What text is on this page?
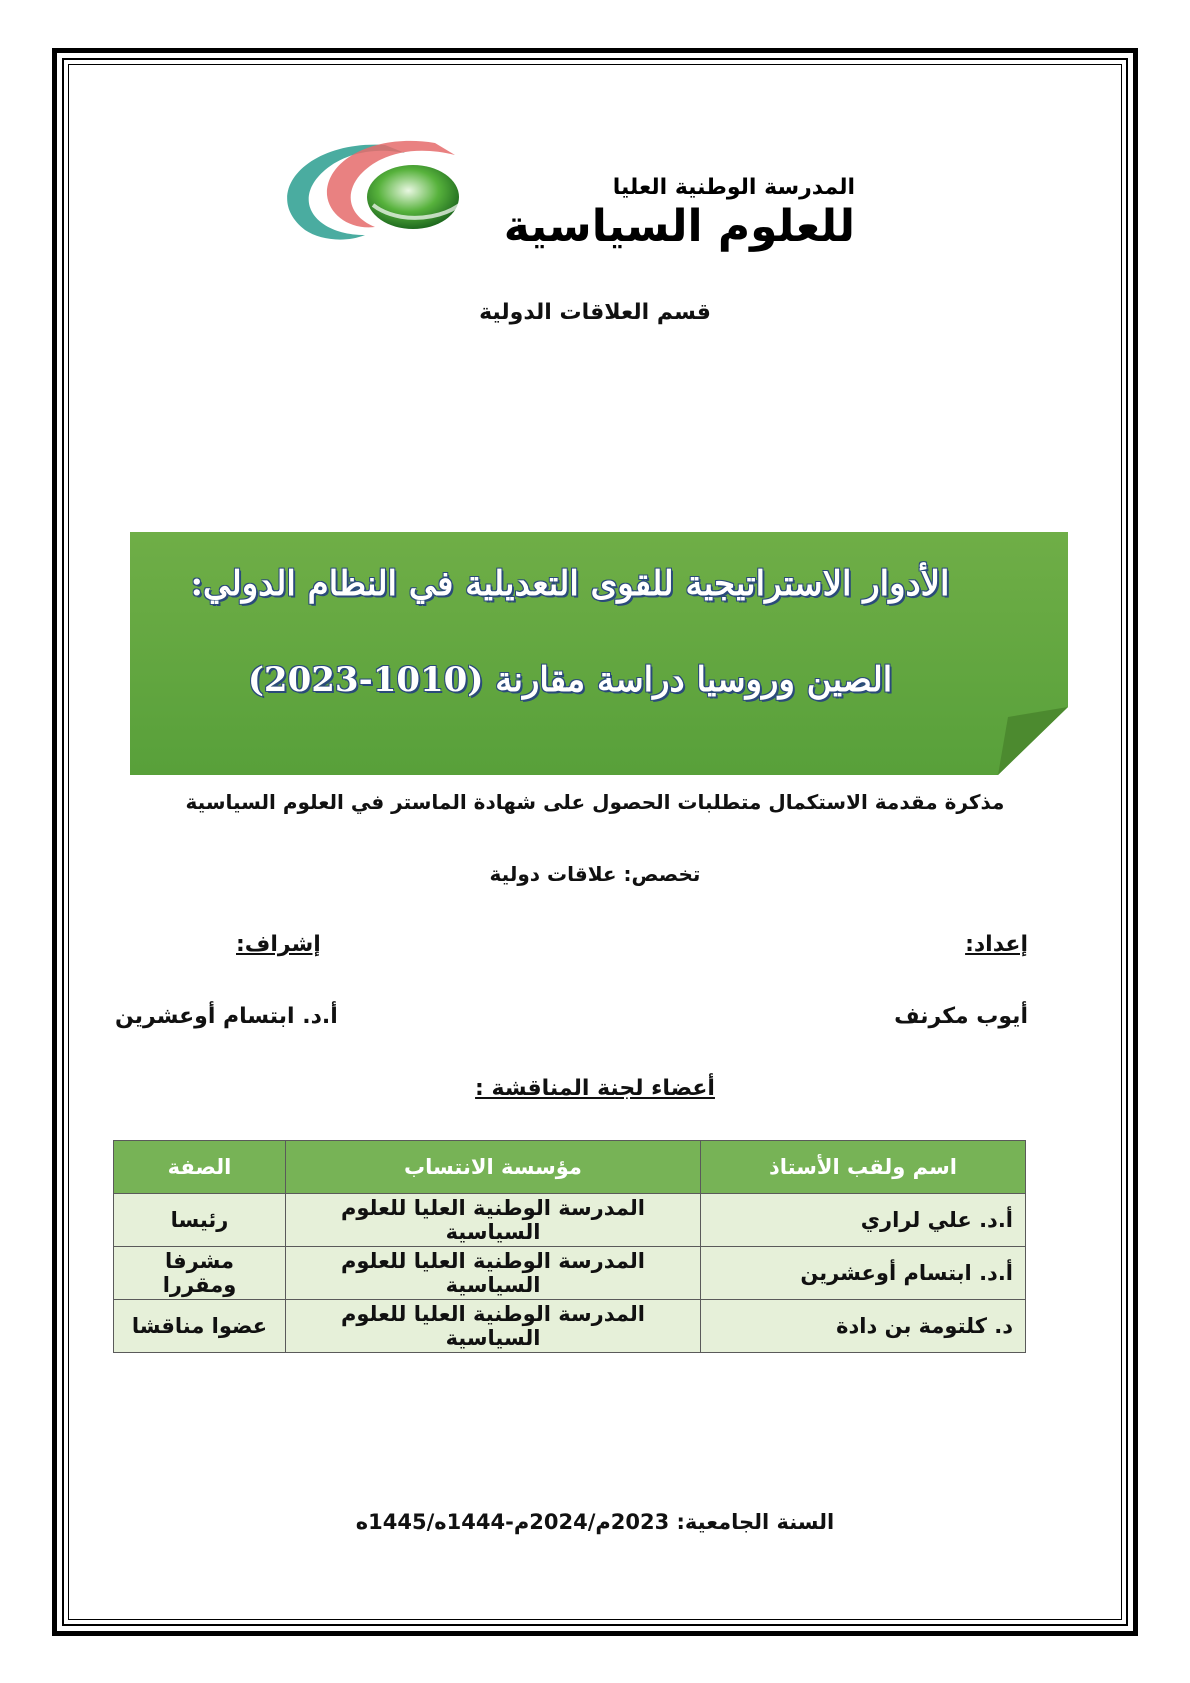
المدرسة الوطنية العليا
للعلوم السياسية
قسم العلاقات الدولية
الأدوار الاستراتيجية للقوى التعديلية في النظام الدولي:
الصين وروسيا دراسة مقارنة (1010-2023)
مذكرة مقدمة الاستكمال متطلبات الحصول على شهادة الماستر في العلوم السياسية
تخصص: علاقات دولية
إعداد:
إشراف:
أيوب مكرنف
أ.د. ابتسام أوعشرين
أعضاء لجنة المناقشة :
اسم ولقب الأستاذ	مؤسسة الانتساب	الصفة
أ.د. علي لراري	المدرسة الوطنية العليا للعلوم السياسية	رئيسا
أ.د. ابتسام أوعشرين	المدرسة الوطنية العليا للعلوم السياسية	مشرفا ومقررا
د. كلتومة بن دادة	المدرسة الوطنية العليا للعلوم السياسية	عضوا مناقشا
السنة الجامعية: 2023م/2024م-1444ه/1445ه
